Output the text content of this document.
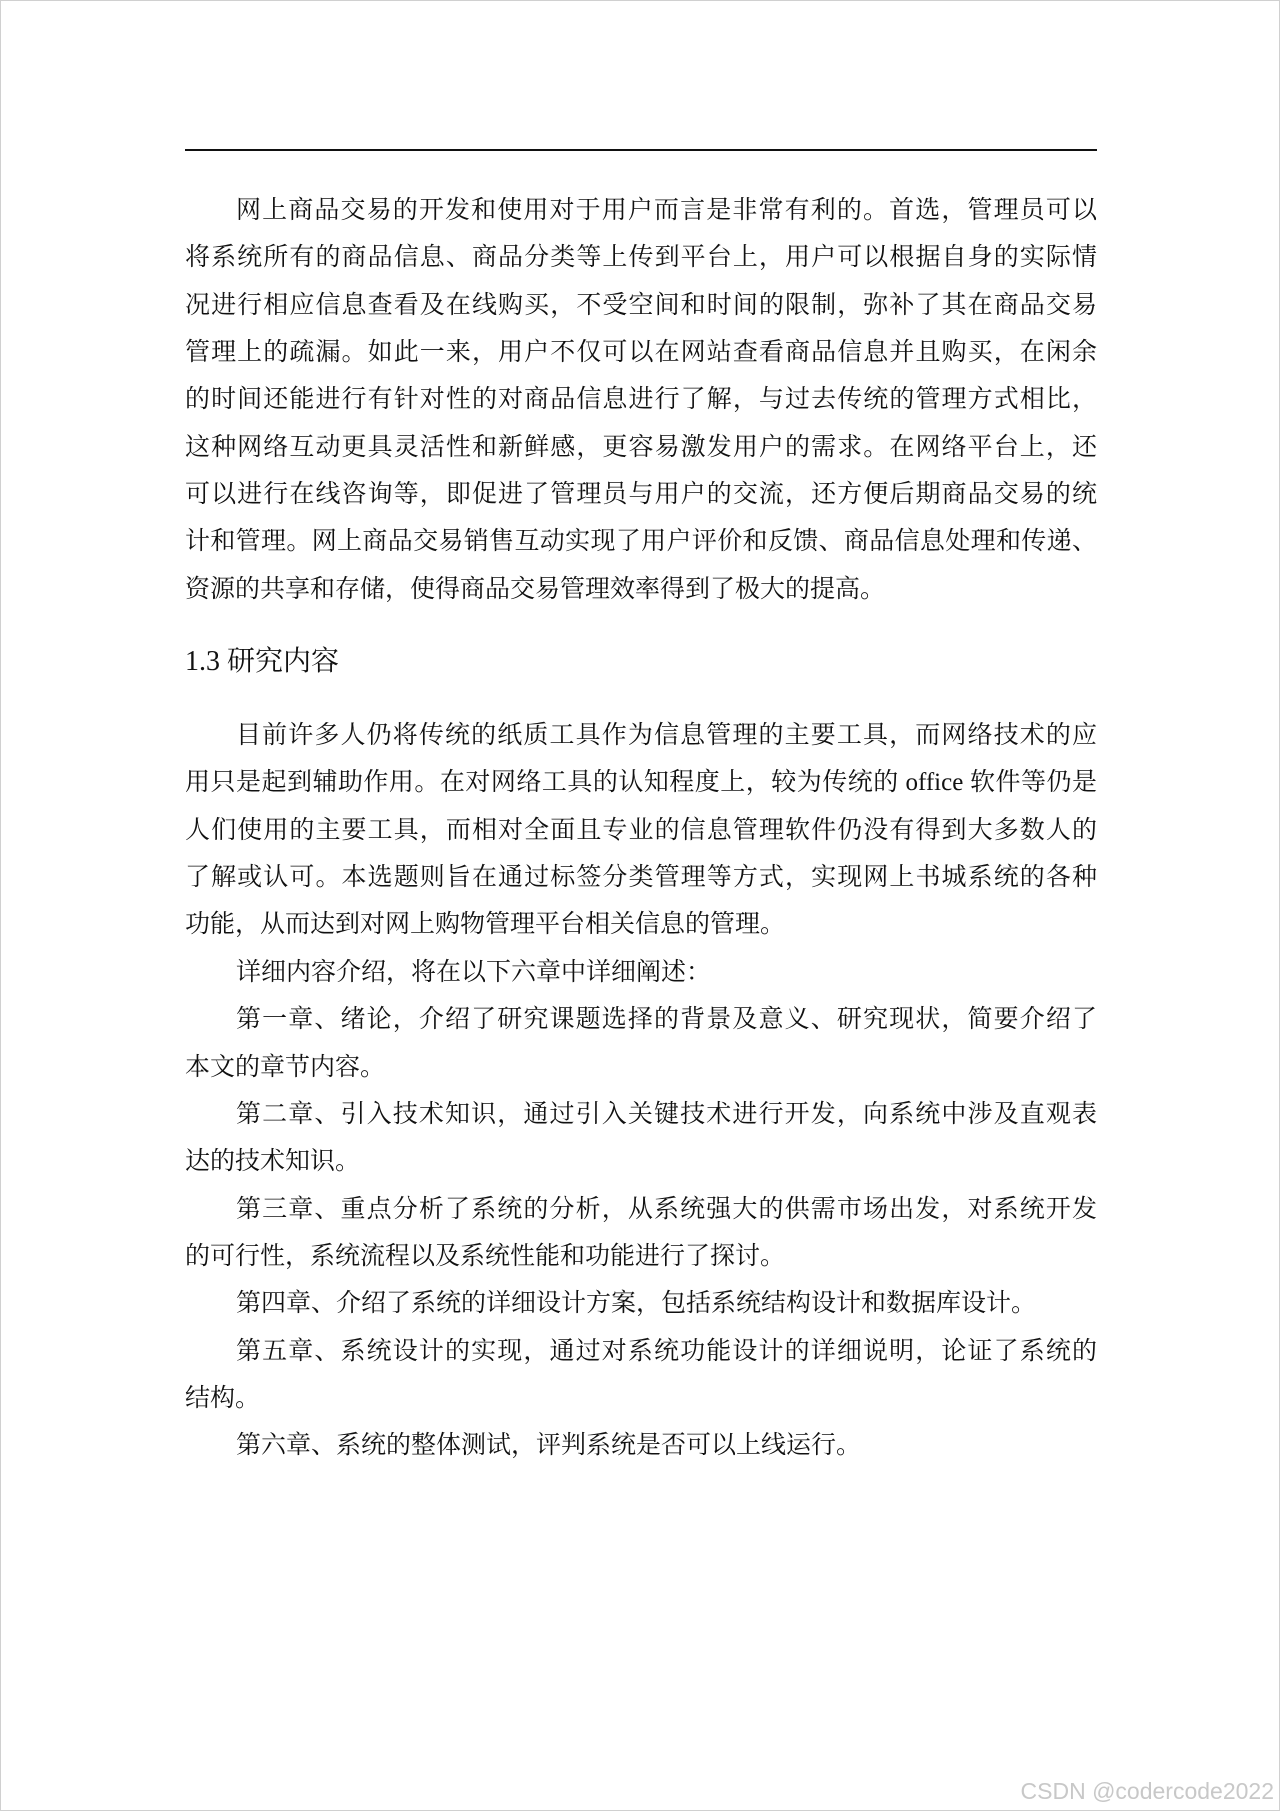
网上商品交易的开发和使用对于用户而言是非常有利的。首选，管理员可以
将系统所有的商品信息、商品分类等上传到平台上，用户可以根据自身的实际情
况进行相应信息查看及在线购买，不受空间和时间的限制，弥补了其在商品交易
管理上的疏漏。如此一来，用户不仅可以在网站查看商品信息并且购买，在闲余
的时间还能进行有针对性的对商品信息进行了解，与过去传统的管理方式相比，
这种网络互动更具灵活性和新鲜感，更容易激发用户的需求。在网络平台上，还
可以进行在线咨询等，即促进了管理员与用户的交流，还方便后期商品交易的统
计和管理。网上商品交易销售互动实现了用户评价和反馈、商品信息处理和传递、
资源的共享和存储，使得商品交易管理效率得到了极大的提高。
1.3 研究内容
目前许多人仍将传统的纸质工具作为信息管理的主要工具，而网络技术的应
用只是起到辅助作用。在对网络工具的认知程度上，较为传统的 office 软件等仍是
人们使用的主要工具，而相对全面且专业的信息管理软件仍没有得到大多数人的
了解或认可。本选题则旨在通过标签分类管理等方式，实现网上书城系统的各种
功能，从而达到对网上购物管理平台相关信息的管理。
详细内容介绍，将在以下六章中详细阐述：
第一章、绪论，介绍了研究课题选择的背景及意义、研究现状，简要介绍了
本文的章节内容。
第二章、引入技术知识，通过引入关键技术进行开发，向系统中涉及直观表
达的技术知识。
第三章、重点分析了系统的分析，从系统强大的供需市场出发，对系统开发
的可行性，系统流程以及系统性能和功能进行了探讨。
第四章、介绍了系统的详细设计方案，包括系统结构设计和数据库设计。
第五章、系统设计的实现，通过对系统功能设计的详细说明，论证了系统的
结构。
第六章、系统的整体测试，评判系统是否可以上线运行。
CSDN @codercode2022
